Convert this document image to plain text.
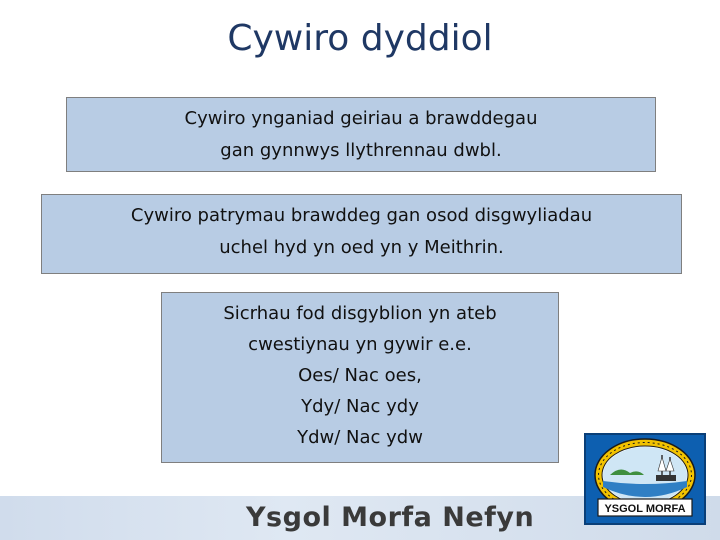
Cywiro dyddiol
Cywiro ynganiad geiriau a brawddegau
gan gynnwys llythrennau dwbl.
Cywiro patrymau brawddeg gan osod disgwyliadau
uchel hyd yn oed yn y Meithrin.
Sicrhau fod disgyblion yn ateb
cwestiynau yn gywir e.e.
Oes/ Nac oes,
Ydy/ Nac ydy
Ydw/ Nac ydw
Ysgol Morfa Nefyn	YSGOL MORFA
